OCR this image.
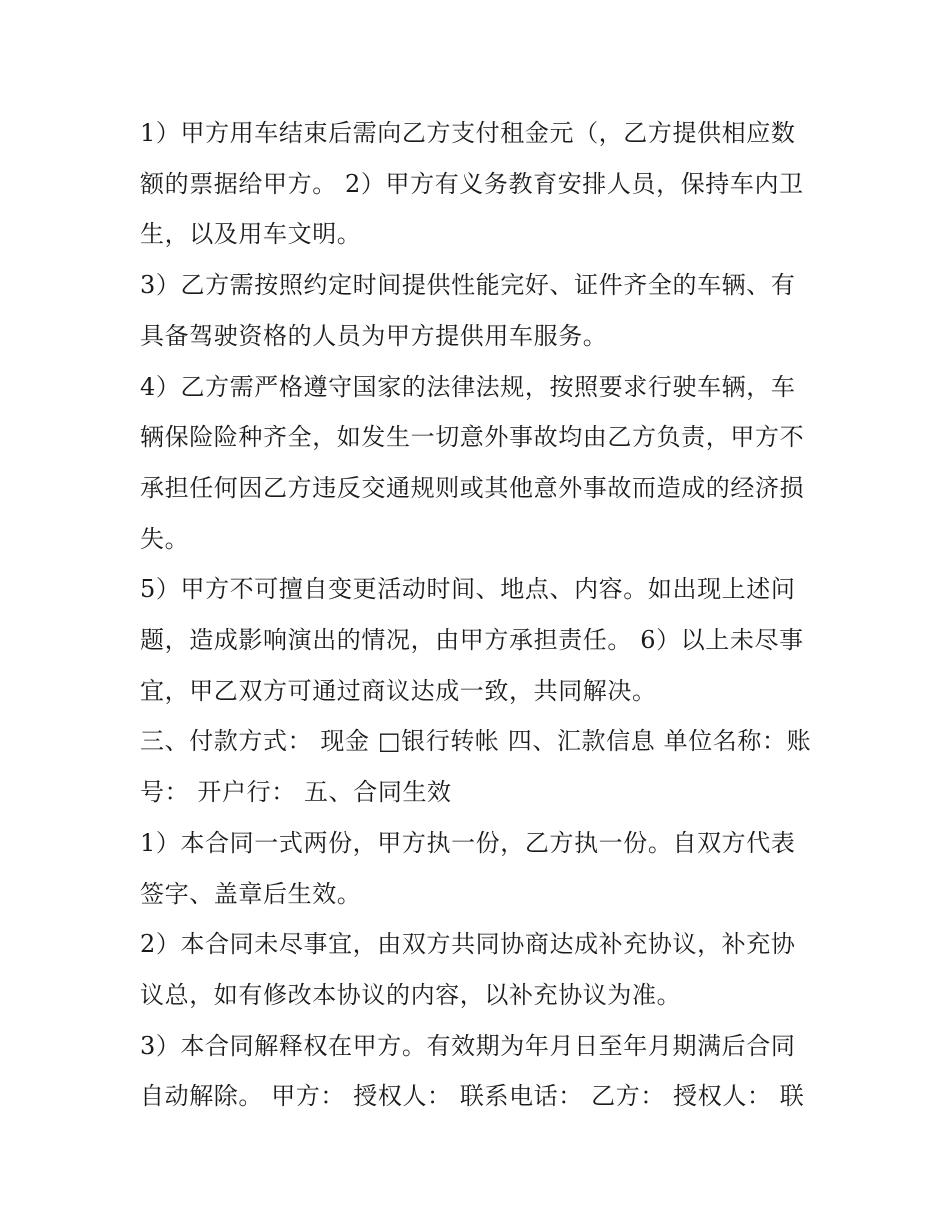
1）甲方用车结束后需向乙方支付租金元（，乙方提供相应数额的票据给甲方。 2）甲方有义务教育安排人员，保持车内卫生，以及用车文明。

3）乙方需按照约定时间提供性能完好、证件齐全的车辆、有具备驾驶资格的人员为甲方提供用车服务。

4）乙方需严格遵守国家的法律法规，按照要求行驶车辆，车辆保险险种齐全，如发生一切意外事故均由乙方负责，甲方不承担任何因乙方违反交通规则或其他意外事故而造成的经济损失。

5）甲方不可擅自变更活动时间、地点、内容。如出现上述问题，造成影响演出的情况，由甲方承担责任。 6）以上未尽事宜，甲乙双方可通过商议达成一致，共同解决。

三、付款方式： 现金 □银行转帐 四、汇款信息 单位名称：账号： 开户行： 五、合同生效

1）本合同一式两份，甲方执一份，乙方执一份。自双方代表签字、盖章后生效。

2）本合同未尽事宜，由双方共同协商达成补充协议，补充协议总，如有修改本协议的内容，以补充协议为准。

3）本合同解释权在甲方。有效期为年月日至年月期满后合同自动解除。 甲方： 授权人： 联系电话： 乙方： 授权人： 联
